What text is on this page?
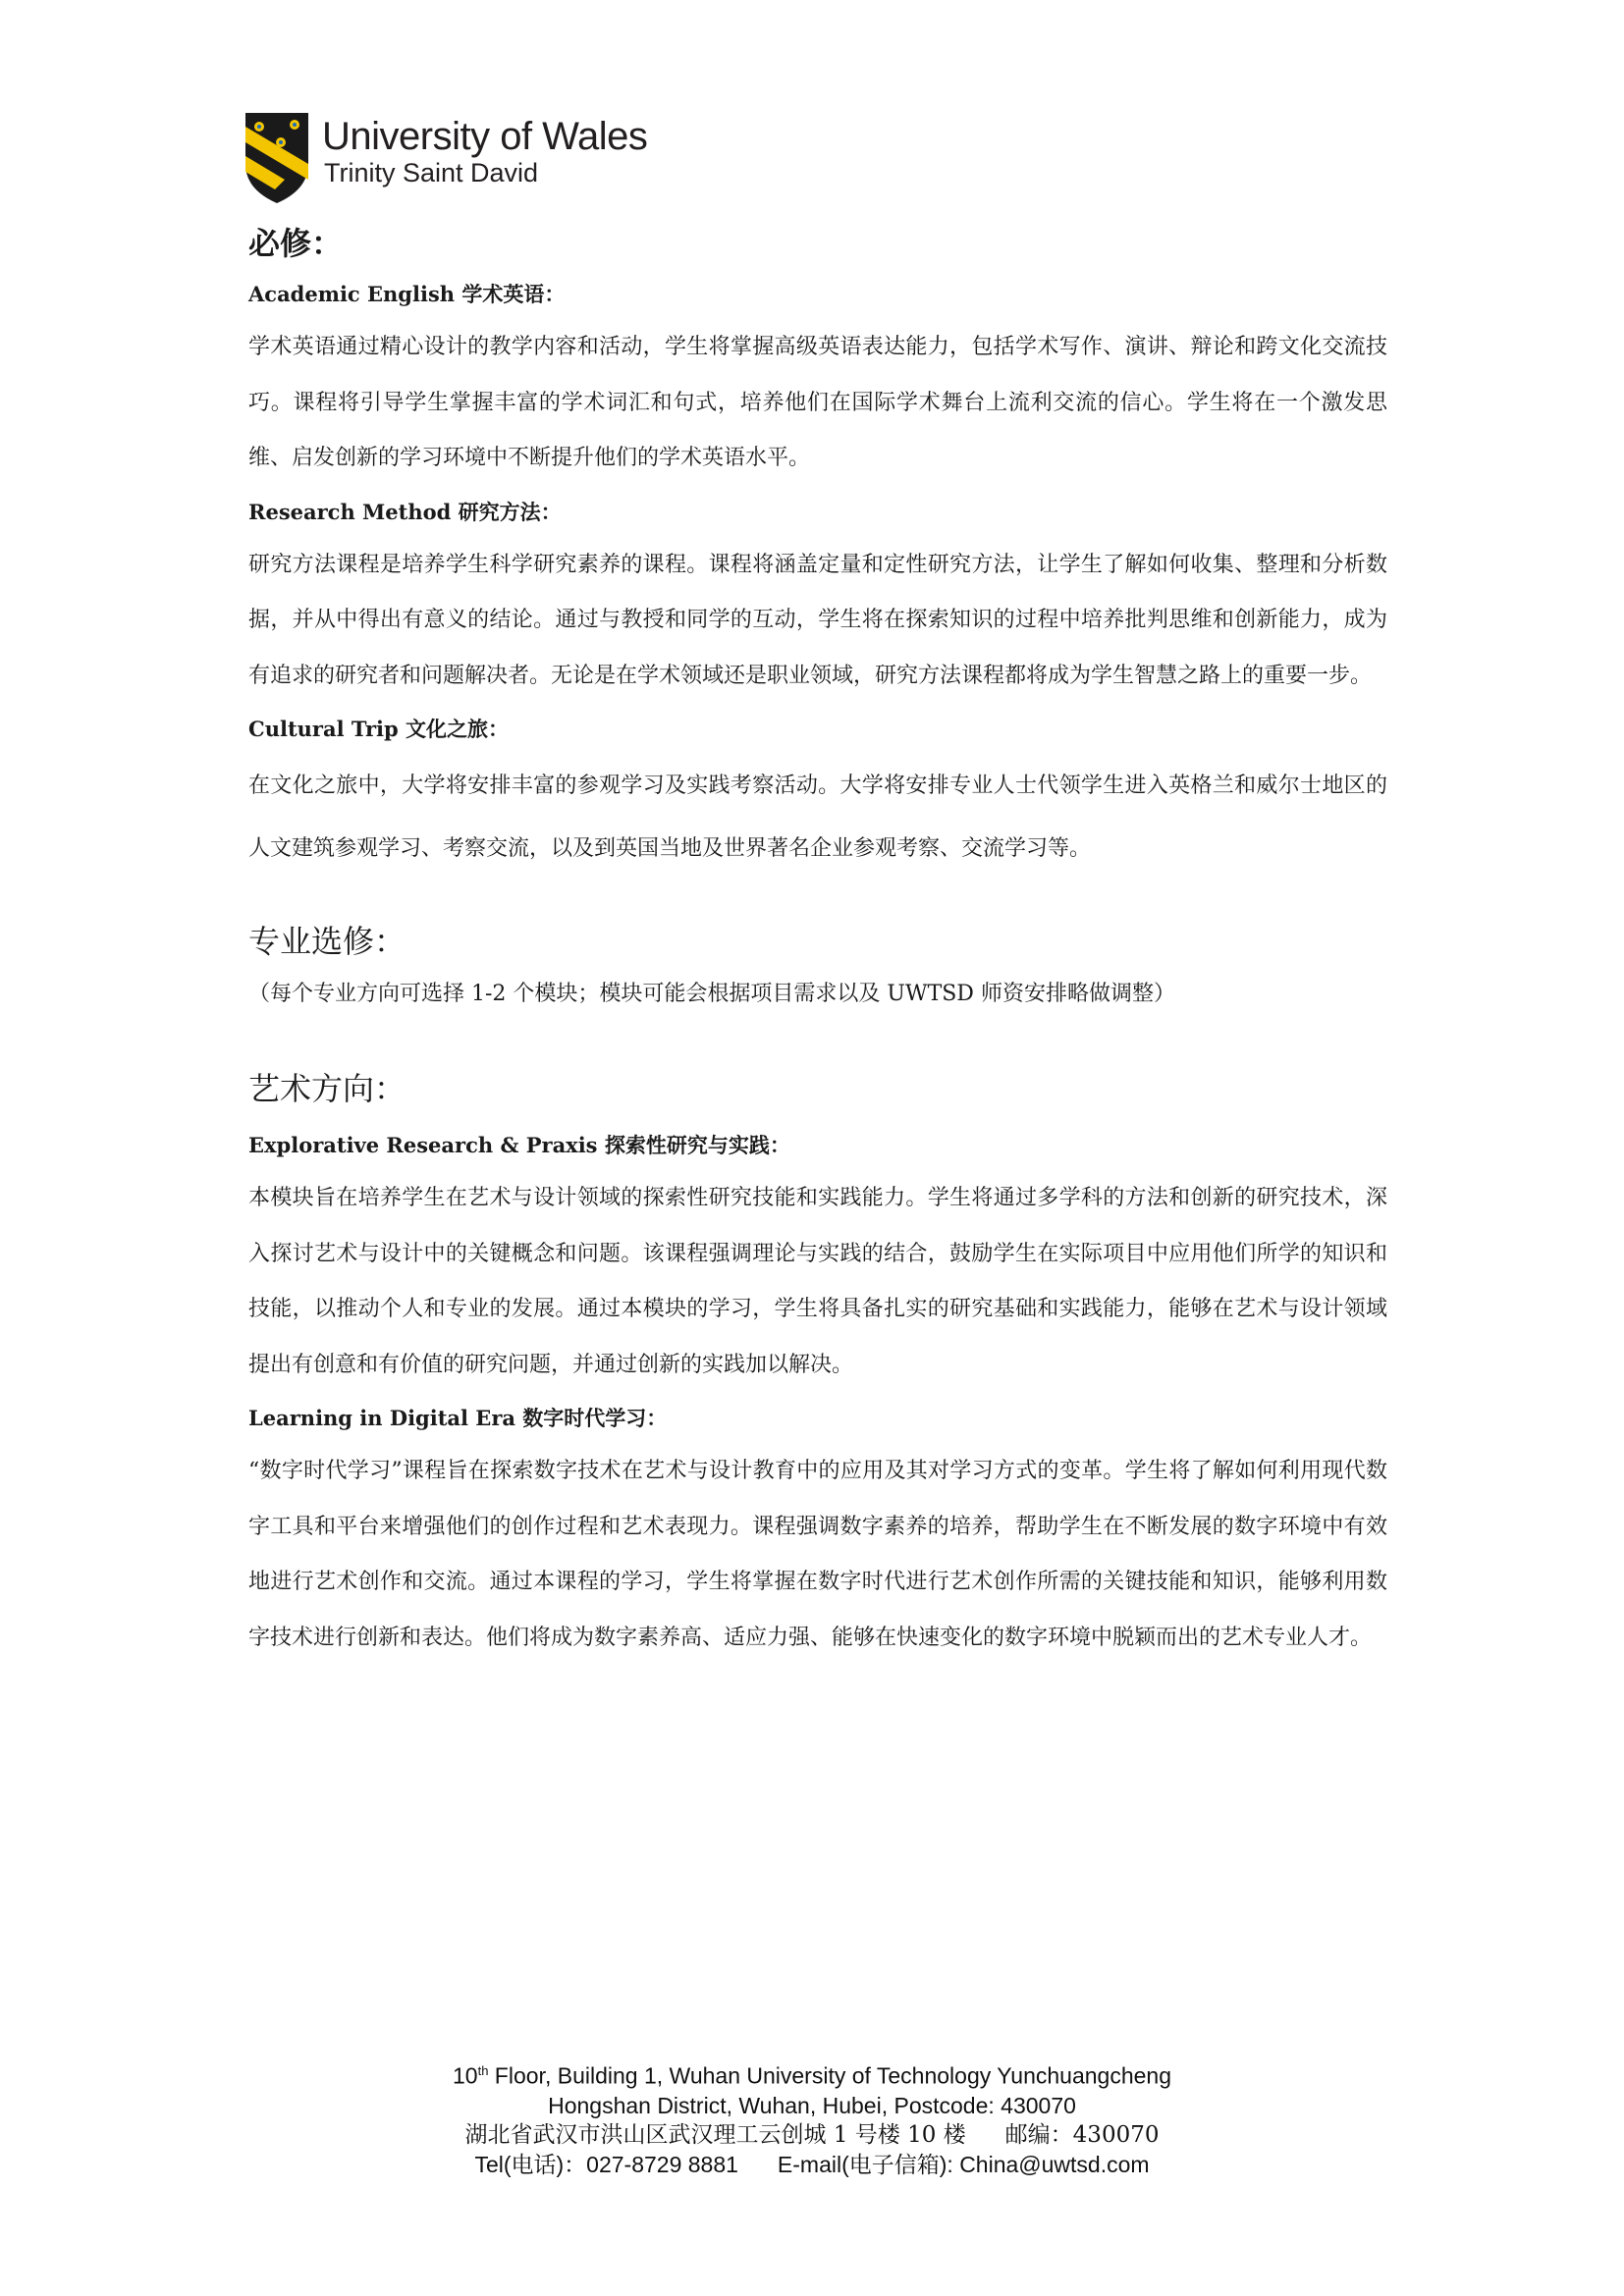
University of Wales
Trinity Saint David

必修：

Academic English 学术英语：

学术英语通过精心设计的教学内容和活动，学生将掌握高级英语表达能力，包括学术写作、演讲、辩论和跨文化交流技巧。课程将引导学生掌握丰富的学术词汇和句式，培养他们在国际学术舞台上流利交流的信心。学生将在一个激发思维、启发创新的学习环境中不断提升他们的学术英语水平。

Research Method 研究方法：

研究方法课程是培养学生科学研究素养的课程。课程将涵盖定量和定性研究方法，让学生了解如何收集、整理和分析数据，并从中得出有意义的结论。通过与教授和同学的互动，学生将在探索知识的过程中培养批判思维和创新能力，成为有追求的研究者和问题解决者。无论是在学术领域还是职业领域，研究方法课程都将成为学生智慧之路上的重要一步。

Cultural Trip 文化之旅：

在文化之旅中，大学将安排丰富的参观学习及实践考察活动。大学将安排专业人士代领学生进入英格兰和威尔士地区的人文建筑参观学习、考察交流，以及到英国当地及世界著名企业参观考察、交流学习等。

专业选修：

（每个专业方向可选择 1-2 个模块；模块可能会根据项目需求以及 UWTSD 师资安排略做调整）

艺术方向：

Explorative Research & Praxis 探索性研究与实践：

本模块旨在培养学生在艺术与设计领域的探索性研究技能和实践能力。学生将通过多学科的方法和创新的研究技术，深入探讨艺术与设计中的关键概念和问题。该课程强调理论与实践的结合，鼓励学生在实际项目中应用他们所学的知识和技能，以推动个人和专业的发展。通过本模块的学习，学生将具备扎实的研究基础和实践能力，能够在艺术与设计领域提出有创意和有价值的研究问题，并通过创新的实践加以解决。

Learning in Digital Era 数字时代学习：

“数字时代学习”课程旨在探索数字技术在艺术与设计教育中的应用及其对学习方式的变革。学生将了解如何利用现代数字工具和平台来增强他们的创作过程和艺术表现力。课程强调数字素养的培养，帮助学生在不断发展的数字环境中有效地进行艺术创作和交流。通过本课程的学习，学生将掌握在数字时代进行艺术创作所需的关键技能和知识，能够利用数字技术进行创新和表达。他们将成为数字素养高、适应力强、能够在快速变化的数字环境中脱颖而出的艺术专业人才。

10th Floor, Building 1, Wuhan University of Technology Yunchuangcheng
Hongshan District, Wuhan, Hubei, Postcode: 430070
湖北省武汉市洪山区武汉理工云创城 1 号楼 10 楼 邮编：430070
Tel(电话)：027-8729 8881 E-mail(电子信箱): China@uwtsd.com
